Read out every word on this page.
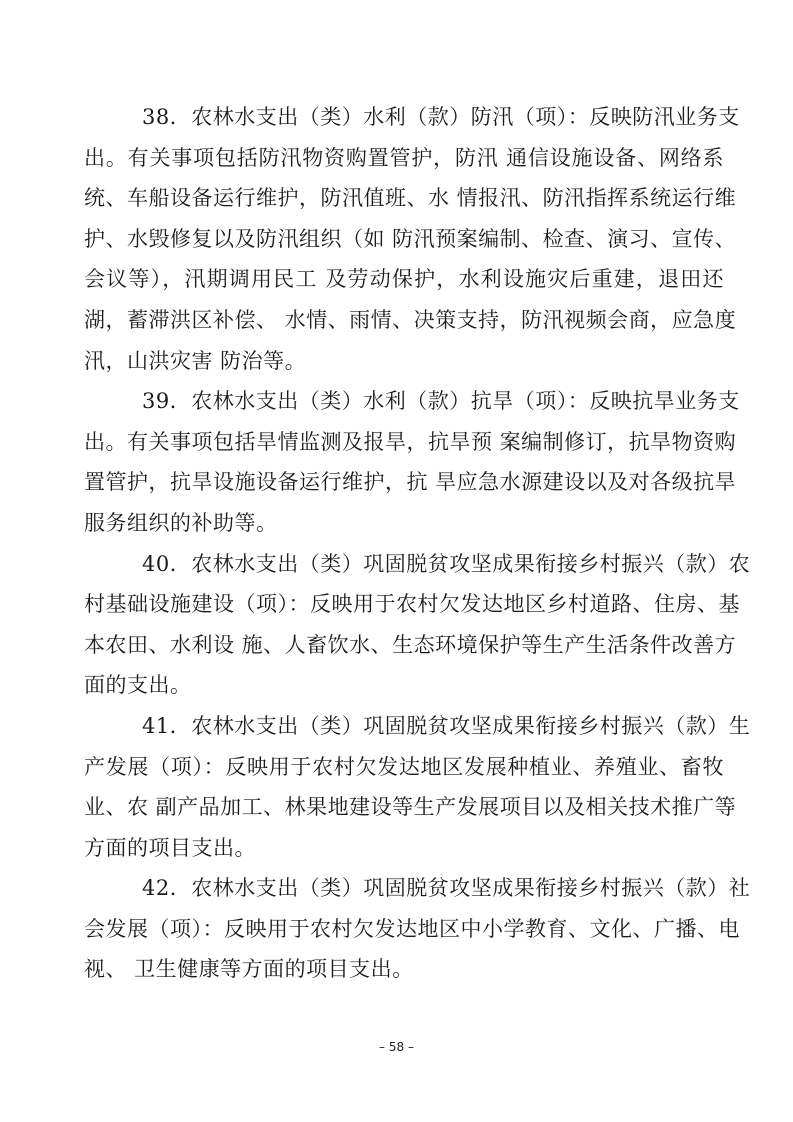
38．农林水支出（类）水利（款）防汛（项）：反映防汛业务支
出。有关事项包括防汛物资购置管护，防汛 通信设施设备、网络系
统、车船设备运行维护，防汛值班、水 情报汛、防汛指挥系统运行维
护、水毁修复以及防汛组织（如 防汛预案编制、检查、演习、宣传、
会议等），汛期调用民工 及劳动保护，水利设施灾后重建，退田还
湖，蓄滞洪区补偿、 水情、雨情、决策支持，防汛视频会商，应急度
汛，山洪灾害 防治等。
39．农林水支出（类）水利（款）抗旱（项）：反映抗旱业务支
出。有关事项包括旱情监测及报旱，抗旱预 案编制修订，抗旱物资购
置管护，抗旱设施设备运行维护，抗 旱应急水源建设以及对各级抗旱
服务组织的补助等。
40．农林水支出（类）巩固脱贫攻坚成果衔接乡村振兴（款）农
村基础设施建设（项）：反映用于农村欠发达地区乡村道路、住房、基
本农田、水利设 施、人畜饮水、生态环境保护等生产生活条件改善方
面的支出。
41．农林水支出（类）巩固脱贫攻坚成果衔接乡村振兴（款）生
产发展（项）：反映用于农村欠发达地区发展种植业、养殖业、畜牧
业、农 副产品加工、林果地建设等生产发展项目以及相关技术推广等
方面的项目支出。
42．农林水支出（类）巩固脱贫攻坚成果衔接乡村振兴（款）社
会发展（项）：反映用于农村欠发达地区中小学教育、文化、广播、电
视、 卫生健康等方面的项目支出。
– 58 –
